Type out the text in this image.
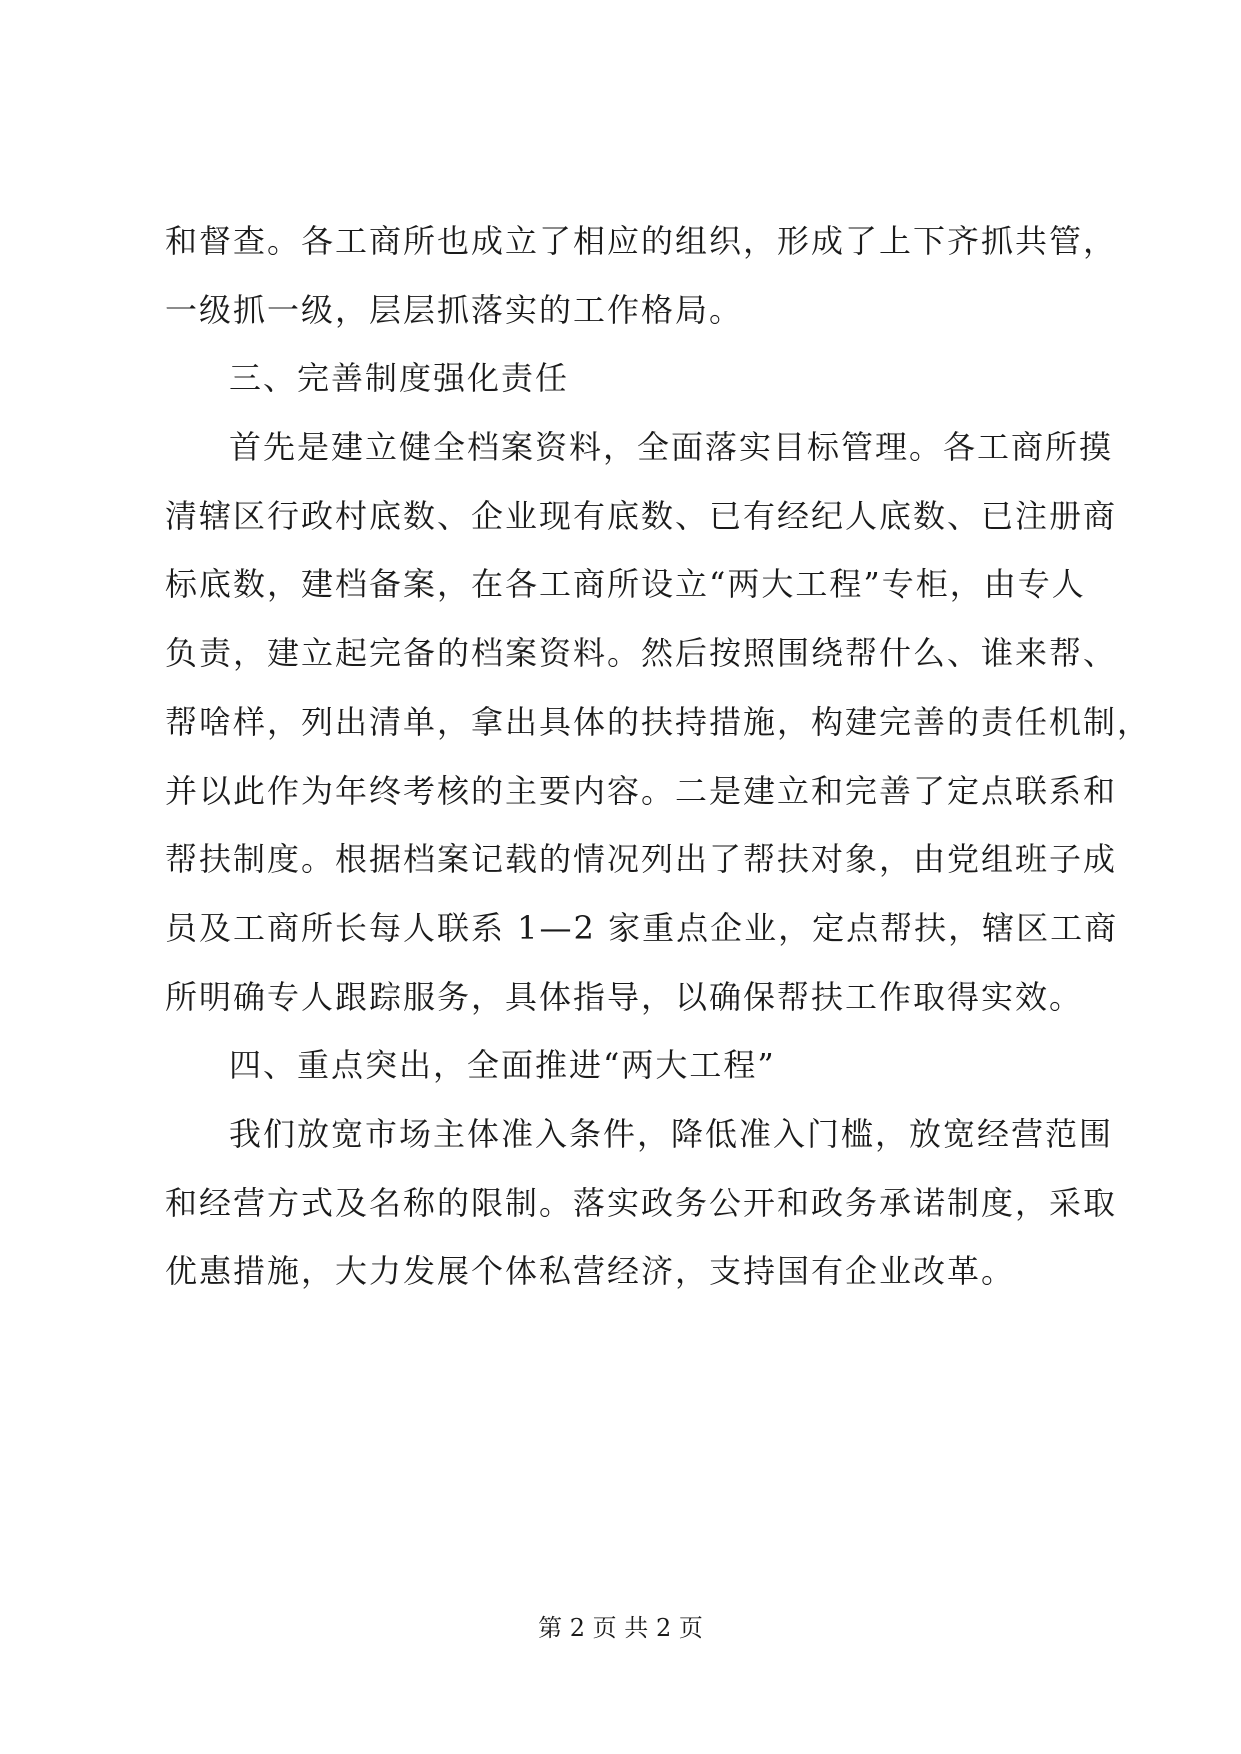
和督查。各工商所也成立了相应的组织，形成了上下齐抓共管，
一级抓一级，层层抓落实的工作格局。
三、完善制度强化责任
首先是建立健全档案资料，全面落实目标管理。各工商所摸
清辖区行政村底数、企业现有底数、已有经纪人底数、已注册商
标底数，建档备案，在各工商所设立“两大工程”专柜，由专人
负责，建立起完备的档案资料。然后按照围绕帮什么、谁来帮、
帮啥样，列出清单，拿出具体的扶持措施，构建完善的责任机制，
并以此作为年终考核的主要内容。二是建立和完善了定点联系和
帮扶制度。根据档案记载的情况列出了帮扶对象，由党组班子成
员及工商所长每人联系 1—2 家重点企业，定点帮扶，辖区工商
所明确专人跟踪服务，具体指导，以确保帮扶工作取得实效。
四、重点突出，全面推进“两大工程”
我们放宽市场主体准入条件，降低准入门槛，放宽经营范围
和经营方式及名称的限制。落实政务公开和政务承诺制度，采取
优惠措施，大力发展个体私营经济，支持国有企业改革。
第 2 页 共 2 页
